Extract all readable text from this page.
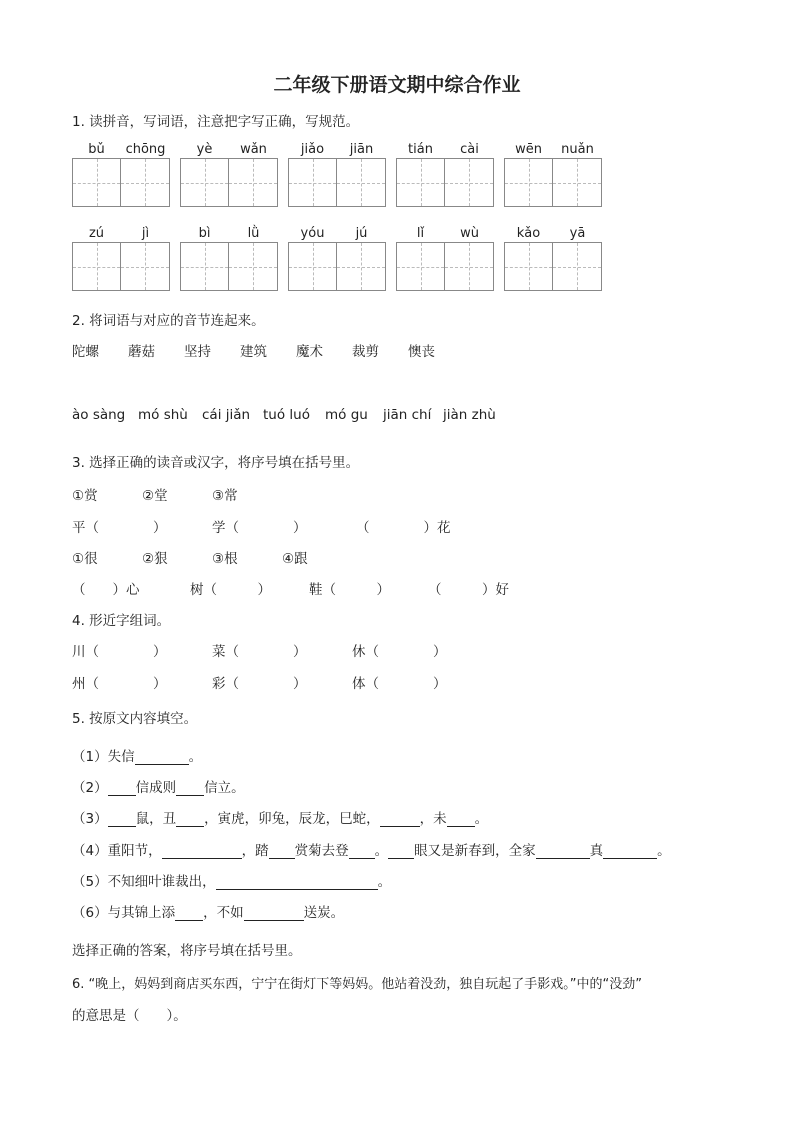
二年级下册语文期中综合作业
1. 读拼音，写词语，注意把字写正确，写规范。
bǔ	chōng	yè	wǎn	jiǎo	jiān	tián	cài	wēn	nuǎn
zú	jì	bì	lǜ	yóu	jú	lǐ	wù	kǎo	yā
2. 将词语与对应的音节连起来。
陀螺 蘑菇 坚持 建筑 魔术 裁剪 懊丧
ào sàng mó shù cái jiǎn tuó luó mó gu jiān chí jiàn zhù
3. 选择正确的读音或汉字，将序号填在括号里。
①赏	②堂	③常
平（　　　　）	学（　　　　）	（　　　　）花
①很	②狠	③根	④跟
（　　）心	树（　　　）	鞋（　　　）	（　　　）好
4. 形近字组词。
川（　　　　）	菜（　　　　）	休（　　　　）
州（　　　　）	彩（　　　　）	体（　　　　）
5. 按原文内容填空。
（1）失信	。
（2） 信成则 信立。
（3） 鼠，丑 ，寅虎，卯兔，辰龙，巳蛇，	，未 。
（4）重阳节，	，踏 赏菊去登 。 眼又是新春到，全家	真	。
（5）不知细叶谁裁出，	。
（6）与其锦上添 ，不如	送炭。
选择正确的答案，将序号填在括号里。
6. “晚上，妈妈到商店买东西，宁宁在街灯下等妈妈。他站着没劲，独自玩起了手影戏。”中的“没劲”
的意思是（　　）。
